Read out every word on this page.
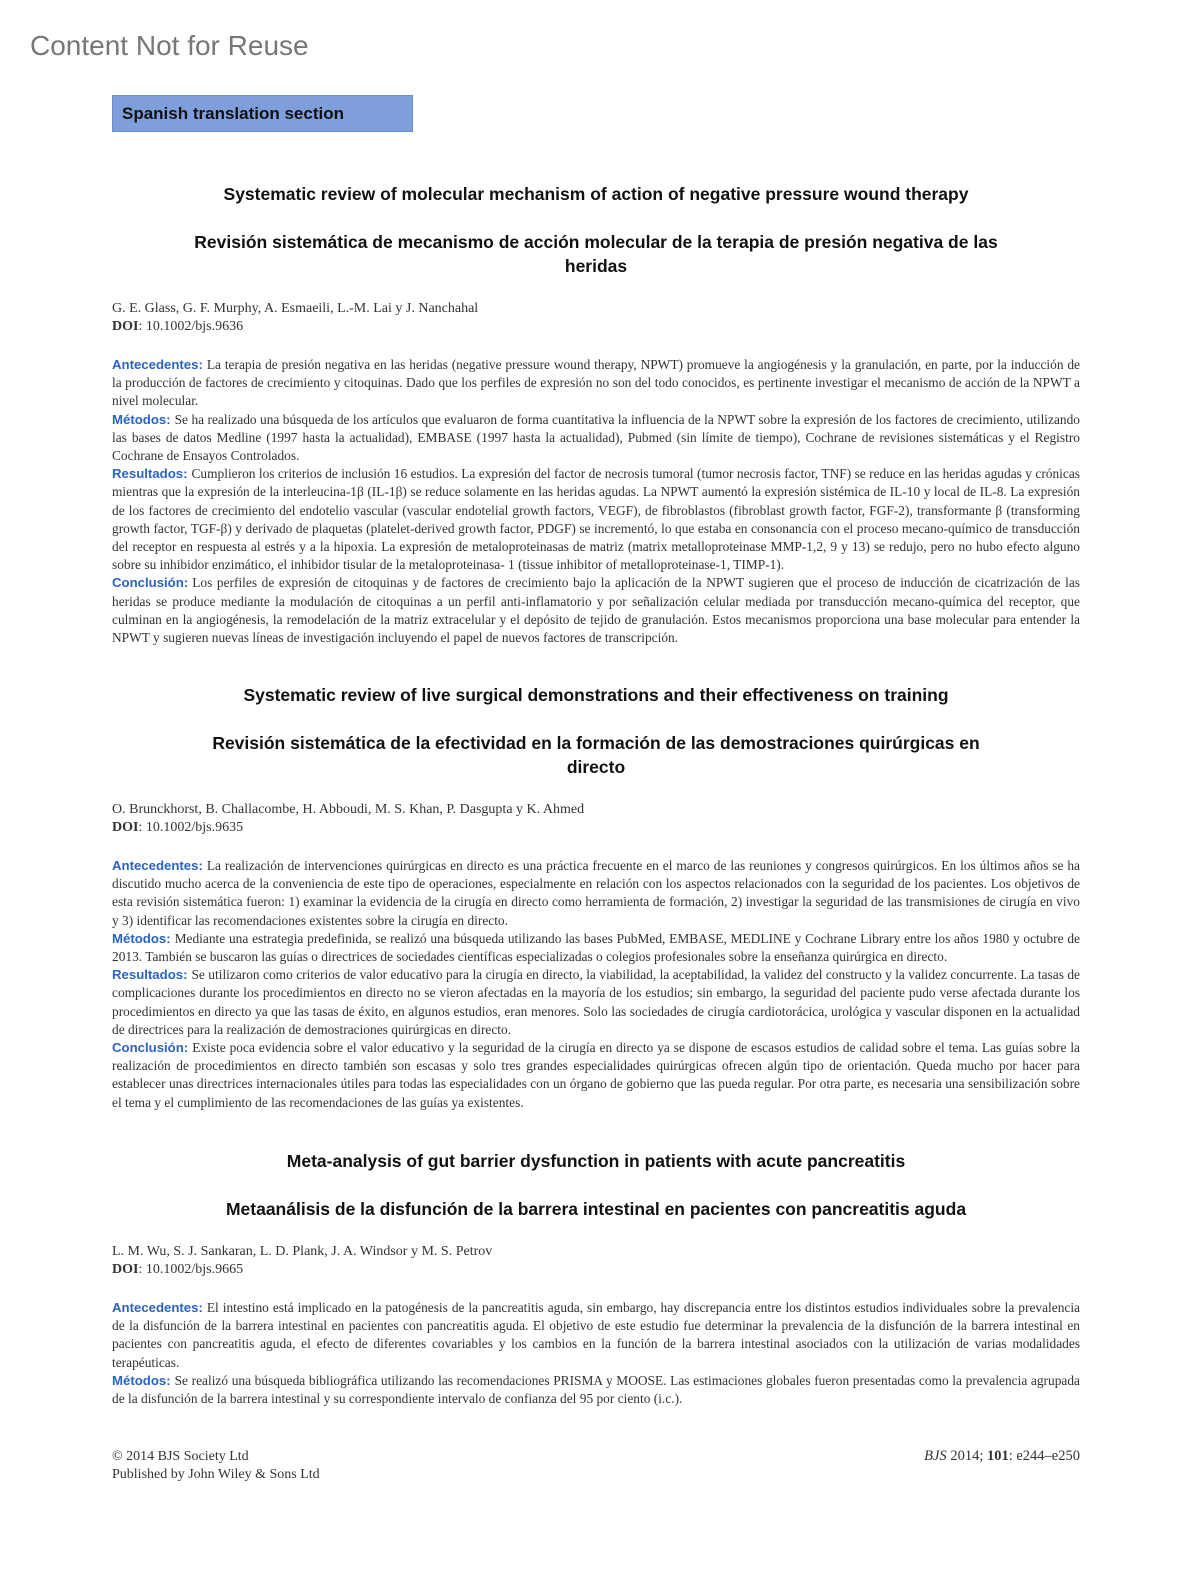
Content Not for Reuse
Spanish translation section
Systematic review of molecular mechanism of action of negative pressure wound therapy
Revisión sistemática de mecanismo de acción molecular de la terapia de presión negativa de las heridas
G. E. Glass, G. F. Murphy, A. Esmaeili, L.-M. Lai y J. Nanchahal
DOI: 10.1002/bjs.9636

Antecedentes: La terapia de presión negativa en las heridas (negative pressure wound therapy, NPWT) promueve la angiogénesis y la granulación, en parte, por la inducción de la producción de factores de crecimiento y citoquinas. Dado que los perfiles de expresión no son del todo conocidos, es pertinente investigar el mecanismo de acción de la NPWT a nivel molecular.

Métodos: Se ha realizado una búsqueda de los artículos que evaluaron de forma cuantitativa la influencia de la NPWT sobre la expresión de los factores de crecimiento, utilizando las bases de datos Medline (1997 hasta la actualidad), EMBASE (1997 hasta la actualidad), Pubmed (sin límite de tiempo), Cochrane de revisiones sistemáticas y el Registro Cochrane de Ensayos Controlados.

Resultados: Cumplieron los criterios de inclusión 16 estudios. La expresión del factor de necrosis tumoral (tumor necrosis factor, TNF) se reduce en las heridas agudas y crónicas mientras que la expresión de la interleucina-1β (IL-1β) se reduce solamente en las heridas agudas. La NPWT aumentó la expresión sistémica de IL-10 y local de IL-8. La expresión de los factores de crecimiento del endotelio vascular (vascular endotelial growth factors, VEGF), de fibroblastos (fibroblast growth factor, FGF-2), transformante β (transforming growth factor, TGF-β) y derivado de plaquetas (platelet-derived growth factor, PDGF) se incrementó, lo que estaba en consonancia con el proceso mecano-químico de transducción del receptor en respuesta al estrés y a la hipoxia. La expresión de metaloproteinasas de matriz (matrix metalloproteinase MMP-1,2, 9 y 13) se redujo, pero no hubo efecto alguno sobre su inhibidor enzimático, el inhibidor tisular de la metaloproteinasa- 1 (tissue inhibitor of metalloproteinase-1, TIMP-1).

Conclusión: Los perfiles de expresión de citoquinas y de factores de crecimiento bajo la aplicación de la NPWT sugieren que el proceso de inducción de cicatrización de las heridas se produce mediante la modulación de citoquinas a un perfil anti-inflamatorio y por señalización celular mediada por transducción mecano-química del receptor, que culminan en la angiogénesis, la remodelación de la matriz extracelular y el depósito de tejido de granulación. Estos mecanismos proporciona una base molecular para entender la NPWT y sugieren nuevas líneas de investigación incluyendo el papel de nuevos factores de transcripción.

Systematic review of live surgical demonstrations and their effectiveness on training
Revisión sistemática de la efectividad en la formación de las demostraciones quirúrgicas en directo
O. Brunckhorst, B. Challacombe, H. Abboudi, M. S. Khan, P. Dasgupta y K. Ahmed
DOI: 10.1002/bjs.9635

Antecedentes: La realización de intervenciones quirúrgicas en directo es una práctica frecuente en el marco de las reuniones y congresos quirúrgicos. En los últimos años se ha discutido mucho acerca de la conveniencia de este tipo de operaciones, especialmente en relación con los aspectos relacionados con la seguridad de los pacientes. Los objetivos de esta revisión sistemática fueron: 1) examinar la evidencia de la cirugía en directo como herramienta de formación, 2) investigar la seguridad de las transmisiones de cirugía en vivo y 3) identificar las recomendaciones existentes sobre la cirugía en directo.

Métodos: Mediante una estrategia predefinida, se realizó una búsqueda utilizando las bases PubMed, EMBASE, MEDLINE y Cochrane Library entre los años 1980 y octubre de 2013. También se buscaron las guías o directrices de sociedades científicas especializadas o colegios profesionales sobre la enseñanza quirúrgica en directo.

Resultados: Se utilizaron como criterios de valor educativo para la cirugía en directo, la viabilidad, la aceptabilidad, la validez del constructo y la validez concurrente. La tasas de complicaciones durante los procedimientos en directo no se vieron afectadas en la mayoría de los estudios; sin embargo, la seguridad del paciente pudo verse afectada durante los procedimientos en directo ya que las tasas de éxito, en algunos estudios, eran menores. Solo las sociedades de cirugía cardiotorácica, urológica y vascular disponen en la actualidad de directrices para la realización de demostraciones quirúrgicas en directo.

Conclusión: Existe poca evidencia sobre el valor educativo y la seguridad de la cirugía en directo ya se dispone de escasos estudios de calidad sobre el tema. Las guías sobre la realización de procedimientos en directo también son escasas y solo tres grandes especialidades quirúrgicas ofrecen algún tipo de orientación. Queda mucho por hacer para establecer unas directrices internacionales útiles para todas las especialidades con un órgano de gobierno que las pueda regular. Por otra parte, es necesaria una sensibilización sobre el tema y el cumplimiento de las recomendaciones de las guías ya existentes.

Meta-analysis of gut barrier dysfunction in patients with acute pancreatitis
Metaanálisis de la disfunción de la barrera intestinal en pacientes con pancreatitis aguda
L. M. Wu, S. J. Sankaran, L. D. Plank, J. A. Windsor y M. S. Petrov
DOI: 10.1002/bjs.9665

Antecedentes: El intestino está implicado en la patogénesis de la pancreatitis aguda, sin embargo, hay discrepancia entre los distintos estudios individuales sobre la prevalencia de la disfunción de la barrera intestinal en pacientes con pancreatitis aguda. El objetivo de este estudio fue determinar la prevalencia de la disfunción de la barrera intestinal en pacientes con pancreatitis aguda, el efecto de diferentes covariables y los cambios en la función de la barrera intestinal asociados con la utilización de varias modalidades terapéuticas.

Métodos: Se realizó una búsqueda bibliográfica utilizando las recomendaciones PRISMA y MOOSE. Las estimaciones globales fueron presentadas como la prevalencia agrupada de la disfunción de la barrera intestinal y su correspondiente intervalo de confianza del 95 por ciento (i.c.).

© 2014 BJS Society Ltd
Published by John Wiley & Sons Ltd
BJS 2014; 101: e244–e250
